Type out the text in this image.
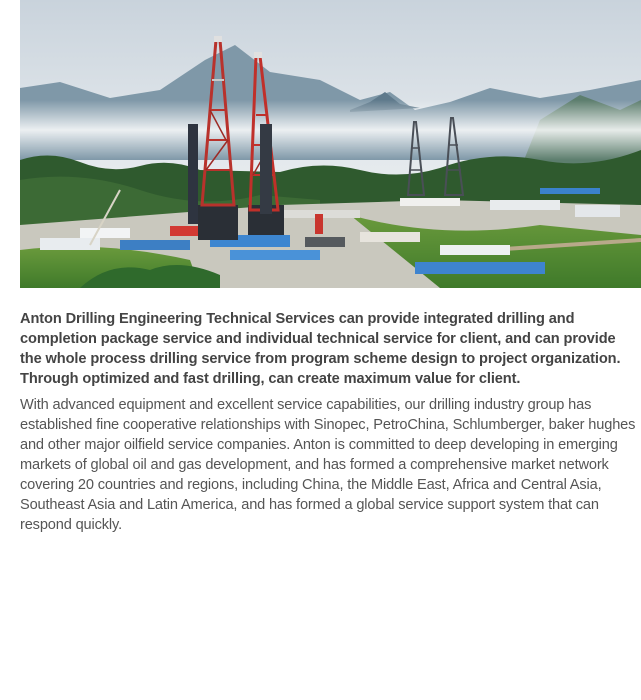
Anton Drilling Engineering Technical Services can provide integrated drilling and completion package service and individual technical service for client, and can provide the whole process drilling service from program scheme design to project organization. Through optimized and fast drilling, can create maximum value for client.

With advanced equipment and excellent service capabilities, our drilling industry group has established fine cooperative relationships with Sinopec, PetroChina, Schlumberger, baker hughes and other major oilfield service companies. Anton is committed to deep developing in emerging markets of global oil and gas development, and has formed a comprehensive market network covering 20 countries and regions, including China, the Middle East, Africa and Central Asia, Southeast Asia and Latin America, and has formed a global service support system that can respond quickly.
